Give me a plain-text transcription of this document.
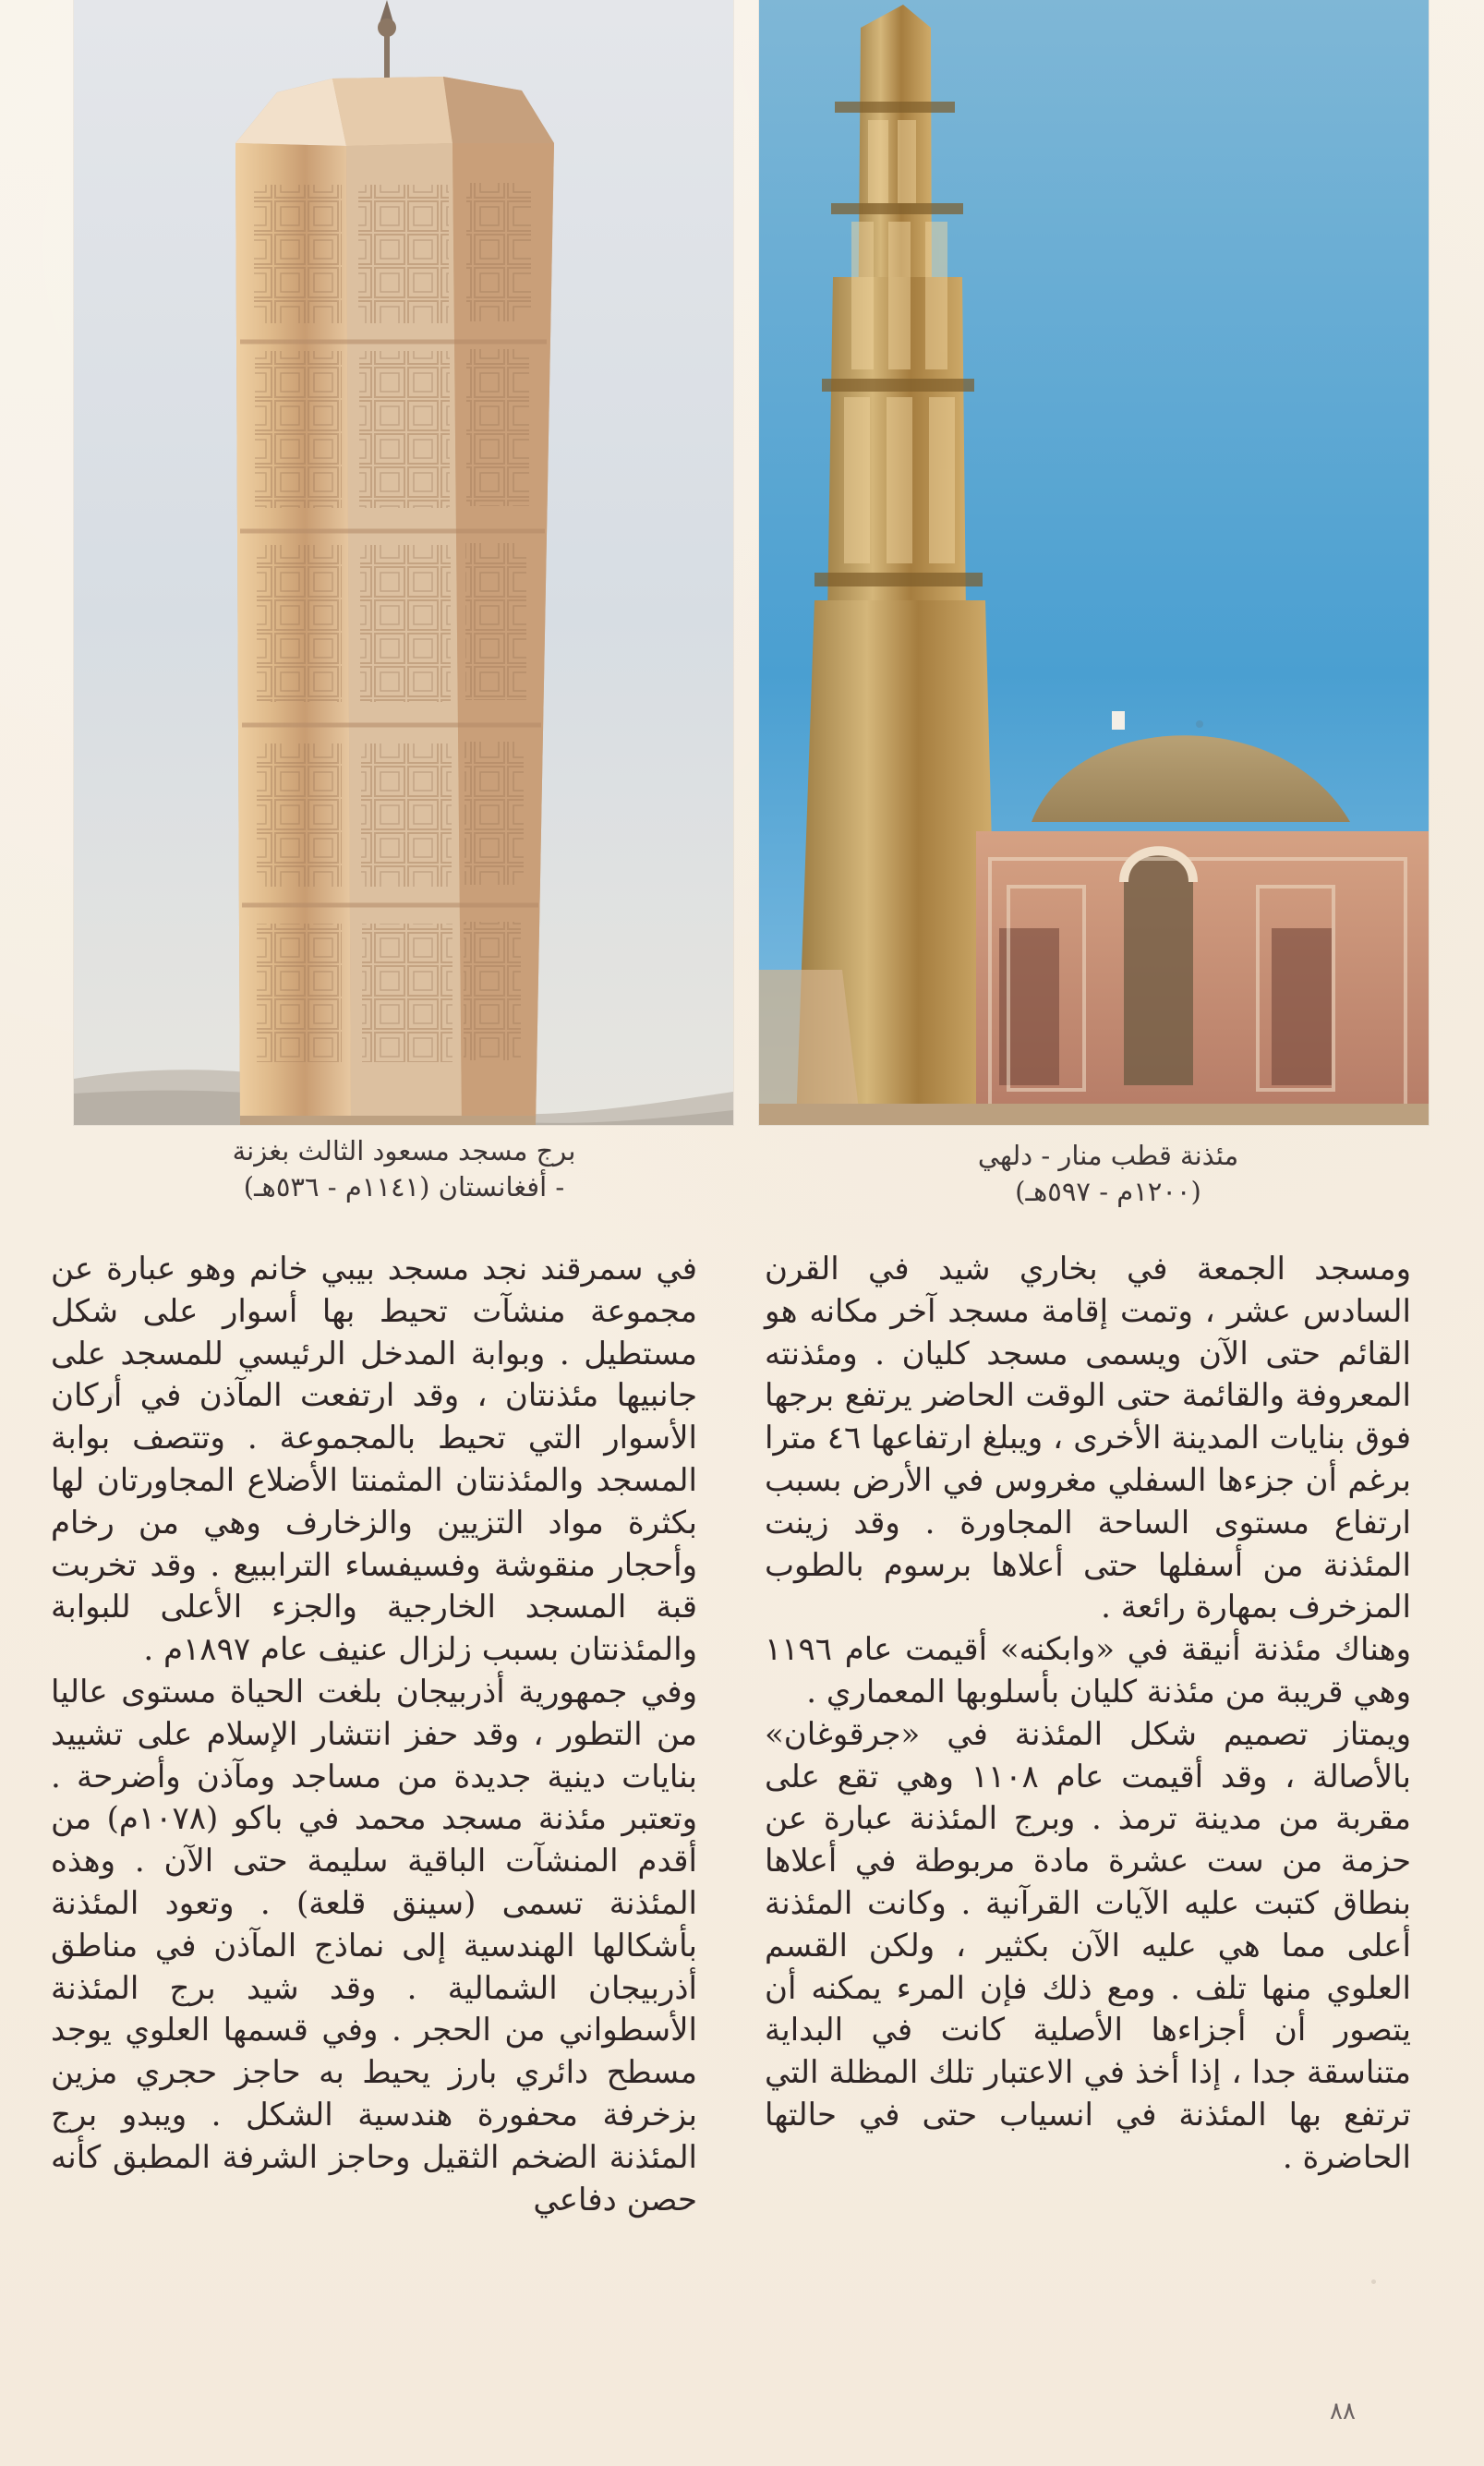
برج مسجد مسعود الثالث بغزنة
- أفغانستان (١١٤١م - ٥٣٦هـ)
مئذنة قطب منار - دلهي
(١٢٠٠م - ٥٩٧هـ)

في سمرقند نجد مسجد بيبي خانم وهو عبارة عن مجموعة منشآت تحيط بها أسوار على شكل مستطيل . وبوابة المدخل الرئيسي للمسجد على جانبيها مئذنتان ، وقد ارتفعت المآذن في أركان الأسوار التي تحيط بالمجموعة . وتتصف بوابة المسجد والمئذنتان المثمنتا الأضلاع المجاورتان لها بكثرة مواد التزيين والزخارف وهي من رخام وأحجار منقوشة وفسيفساء التراببيع . وقد تخربت قبة المسجد الخارجية والجزء الأعلى للبوابة والمئذنتان بسبب زلزال عنيف عام ١٨٩٧م .

وفي جمهورية أذربيجان بلغت الحياة مستوى عاليا من التطور ، وقد حفز انتشار الإسلام على تشييد بنايات دينية جديدة من مساجد ومآذن وأضرحة . وتعتبر مئذنة مسجد محمد في باكو (١٠٧٨م) من أقدم المنشآت الباقية سليمة حتى الآن . وهذه المئذنة تسمى (سينق قلعة) . وتعود المئذنة بأشكالها الهندسية إلى نماذج المآذن في مناطق أذربيجان الشمالية . وقد شيد برج المئذنة الأسطواني من الحجر . وفي قسمها العلوي يوجد مسطح دائري بارز يحيط به حاجز حجري مزين بزخرفة محفورة هندسية الشكل . ويبدو برج المئذنة الضخم الثقيل وحاجز الشرفة المطبق كأنه حصن دفاعي

ومسجد الجمعة في بخاري شيد في القرن السادس عشر ، وتمت إقامة مسجد آخر مكانه هو القائم حتى الآن ويسمى مسجد كليان . ومئذنته المعروفة والقائمة حتى الوقت الحاضر يرتفع برجها فوق بنايات المدينة الأخرى ، ويبلغ ارتفاعها ٤٦ مترا برغم أن جزءها السفلي مغروس في الأرض بسبب ارتفاع مستوى الساحة المجاورة . وقد زينت المئذنة من أسفلها حتى أعلاها برسوم بالطوب المزخرف بمهارة رائعة .

وهناك مئذنة أنيقة في «وابكنه» أقيمت عام ١١٩٦ وهي قريبة من مئذنة كليان بأسلوبها المعماري .

ويمتاز تصميم شكل المئذنة في «جرقوغان» بالأصالة ، وقد أقيمت عام ١١٠٨ وهي تقع على مقربة من مدينة ترمذ . وبرج المئذنة عبارة عن حزمة من ست عشرة مادة مربوطة في أعلاها بنطاق كتبت عليه الآيات القرآنية . وكانت المئذنة أعلى مما هي عليه الآن بكثير ، ولكن القسم العلوي منها تلف . ومع ذلك فإن المرء يمكنه أن يتصور أن أجزاءها الأصلية كانت في البداية متناسقة جدا ، إذا أخذ في الاعتبار تلك المظلة التي ترتفع بها المئذنة في انسياب حتى في حالتها الحاضرة .

٨٨
